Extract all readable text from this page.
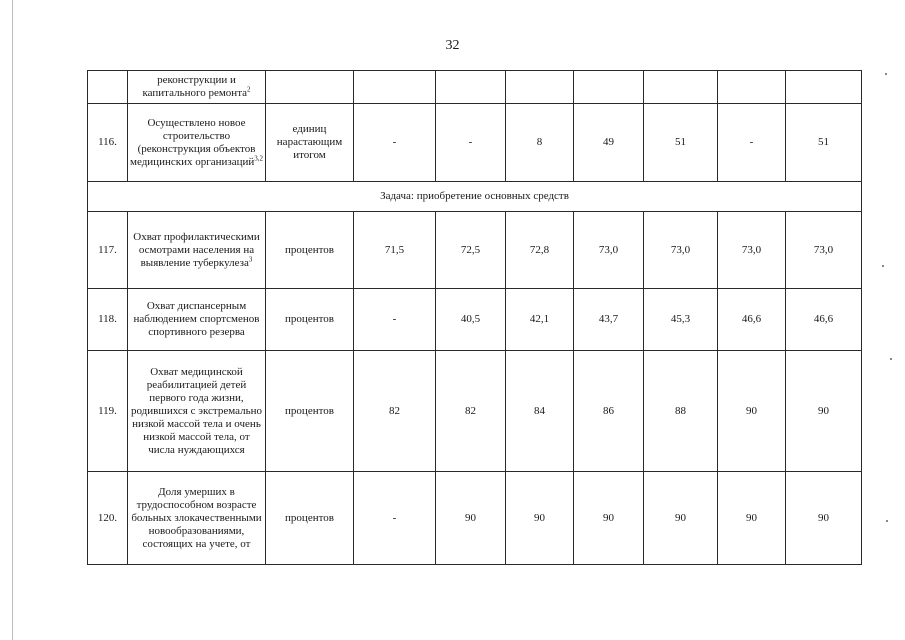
32
	реконструкции и капитального ремонта$^2$								
116.	Осуществлено новое строительство (реконструкция объектов медицинских организаций$^{3,2}$	единиц нарастающим итогом	-	-	8	49	51	-	51
Задача: приобретение основных средств									
117.	Охват профилактическими осмотрами населения на выявление туберкулеза$^3$	процентов	71,5	72,5	72,8	73,0	73,0	73,0	73,0
118.	Охват диспансерным наблюдением спортсменов спортивного резерва	процентов	-	40,5	42,1	43,7	45,3	46,6	46,6
119.	Охват медицинской реабилитацией детей первого года жизни, родившихся с экстремально низкой массой тела и очень низкой массой тела, от числа нуждающихся	процентов	82	82	84	86	88	90	90
120.	Доля умерших в трудоспособном возрасте больных злокачественными новообразованиями, состоящих на учете, от	процентов	-	90	90	90	90	90	90
